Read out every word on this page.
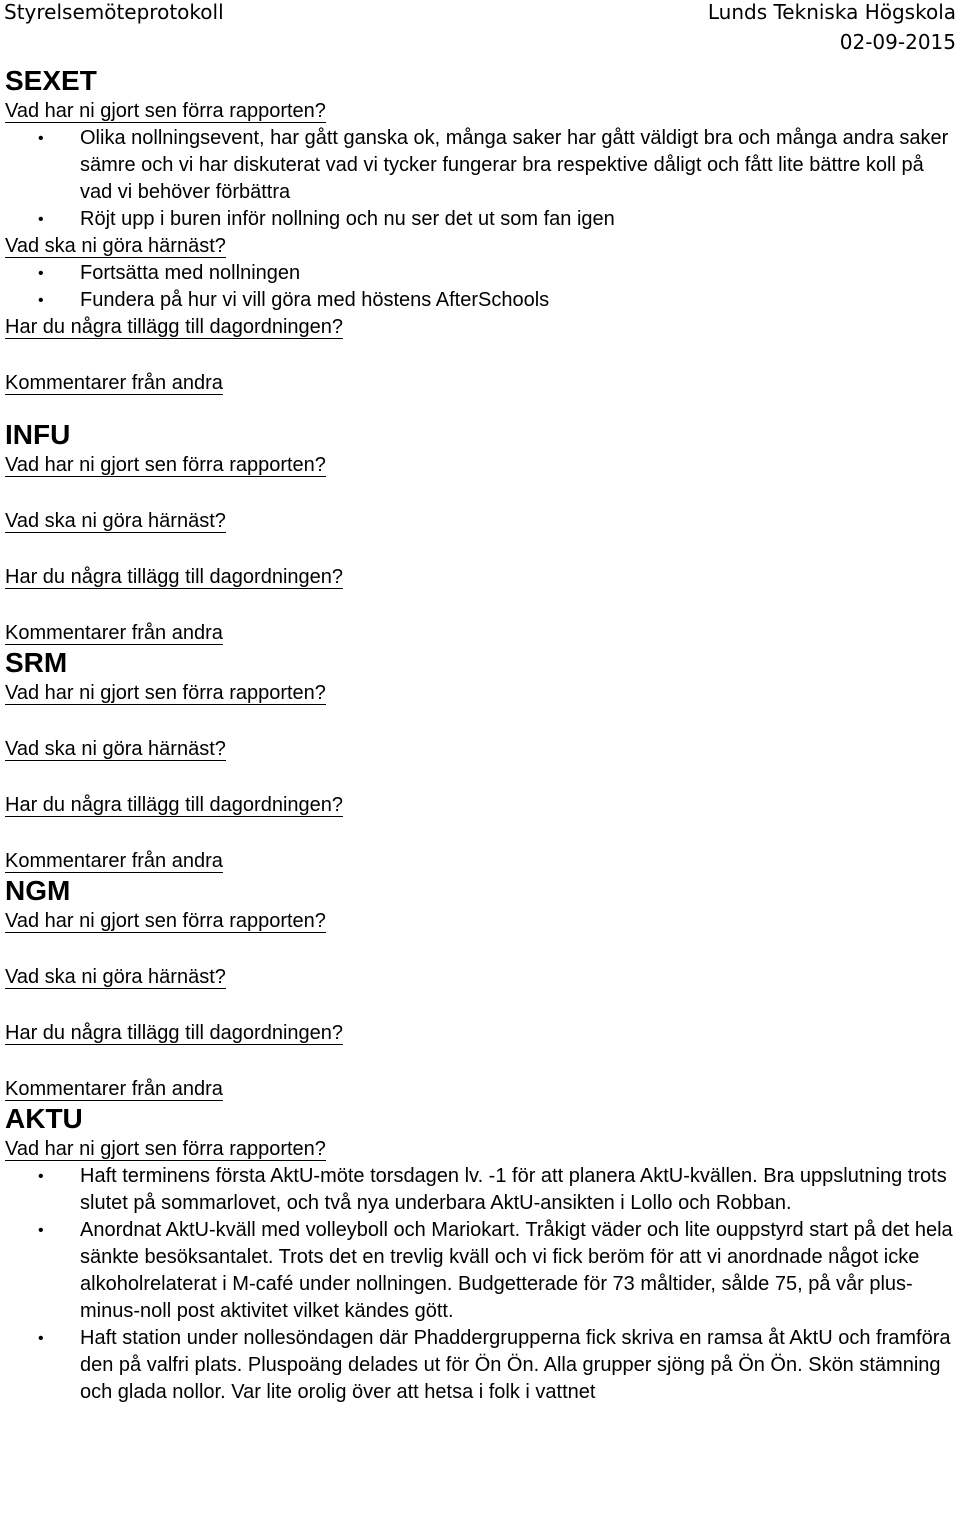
Styrelsemöteprotokoll	Lunds Tekniska Högskola
02-09-2015
SEXET
Vad har ni gjort sen förra rapporten?
• Olika nollningsevent, har gått ganska ok, många saker har gått väldigt bra och många andra saker sämre och vi har diskuterat vad vi tycker fungerar bra respektive dåligt och fått lite bättre koll på vad vi behöver förbättra
• Röjt upp i buren inför nollning och nu ser det ut som fan igen
Vad ska ni göra härnäst?
• Fortsätta med nollningen
• Fundera på hur vi vill göra med höstens AfterSchools
Har du några tillägg till dagordningen?
Kommentarer från andra
INFU
Vad har ni gjort sen förra rapporten?
Vad ska ni göra härnäst?
Har du några tillägg till dagordningen?
Kommentarer från andra
SRM
Vad har ni gjort sen förra rapporten?
Vad ska ni göra härnäst?
Har du några tillägg till dagordningen?
Kommentarer från andra
NGM
Vad har ni gjort sen förra rapporten?
Vad ska ni göra härnäst?
Har du några tillägg till dagordningen?
Kommentarer från andra
AKTU
Vad har ni gjort sen förra rapporten?
• Haft terminens första AktU-möte torsdagen lv. -1 för att planera AktU-kvällen. Bra uppslutning trots slutet på sommarlovet, och två nya underbara AktU-ansikten i Lollo och Robban.
• Anordnat AktU-kväll med volleyboll och Mariokart. Tråkigt väder och lite ouppstyrd start på det hela sänkte besöksantalet. Trots det en trevlig kväll och vi fick beröm för att vi anordnade något icke alkoholrelaterat i M-café under nollningen. Budgetterade för 73 måltider, sålde 75, på vår plus-minus-noll post aktivitet vilket kändes gött.
• Haft station under nollesöndagen där Phaddergrupperna fick skriva en ramsa åt AktU och framföra den på valfri plats. Pluspoäng delades ut för Ön Ön. Alla grupper sjöng på Ön Ön. Skön stämning och glada nollor. Var lite orolig över att hetsa i folk i vattnet
